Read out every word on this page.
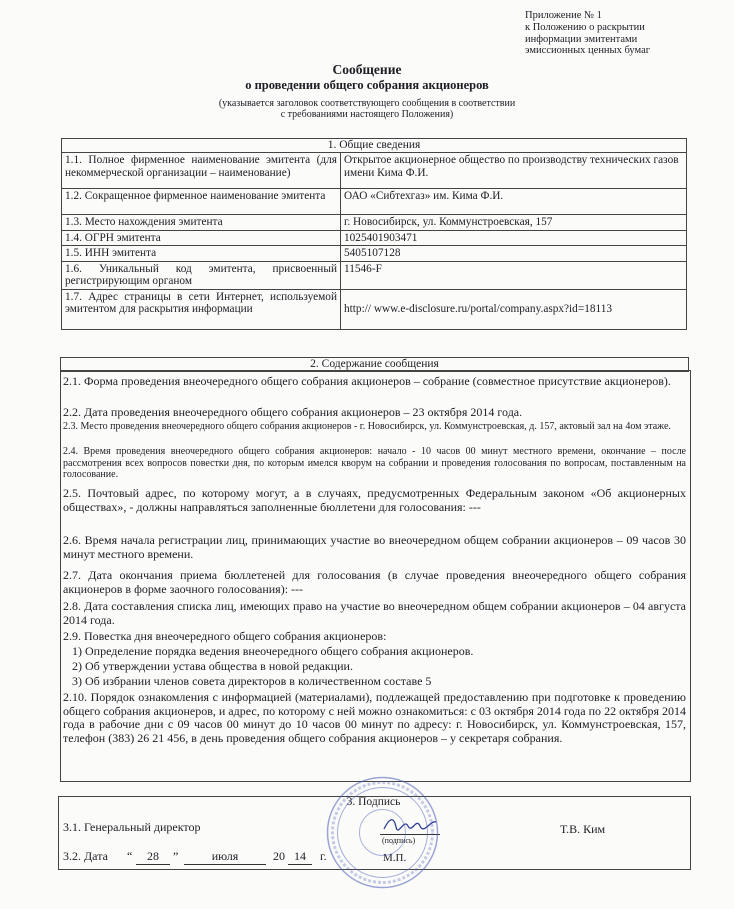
Приложение № 1
к Положению о раскрытии
информации эмитентами
эмиссионных ценных бумаг
Сообщение
о проведении общего собрания акционеров
(указывается заголовок соответствующего сообщения в соответствии
с требованиями настоящего Положения)
1. Общие сведения
1.1. Полное фирменное наименование эмитента (для некоммерческой организации – наименование)	Открытое акционерное общество по производству технических газов имени Кима Ф.И.
1.2. Сокращенное фирменное наименование эмитента	ОАО «Сибтехгаз» им. Кима Ф.И.
1.3. Место нахождения эмитента	г. Новосибирск, ул. Коммунстроевская, 157
1.4. ОГРН эмитента	1025401903471
1.5. ИНН эмитента	5405107128
1.6. Уникальный код эмитента, присвоенный регистрирующим органом	11546-F
1.7. Адрес страницы в сети Интернет, используемой эмитентом для раскрытия информации	http:// www.e-disclosure.ru/portal/company.aspx?id=18113
2. Содержание сообщения
2.1. Форма проведения внеочередного общего собрания акционеров – собрание (совместное присутствие акционеров).
2.2. Дата проведения внеочередного общего собрания акционеров – 23 октября 2014 года.
2.3. Место проведения внеочередного общего собрания акционеров - г. Новосибирск, ул. Коммунстроевская, д. 157, актовый зал на 4ом этаже.
2.4. Время проведения внеочередного общего собрания акционеров: начало - 10 часов 00 минут местного времени, окончание – после рассмотрения всех вопросов повестки дня, по которым имелся кворум на собрании и проведения голосования по вопросам, поставленным на голосование.
2.5. Почтовый адрес, по которому могут, а в случаях, предусмотренных Федеральным законом «Об акционерных обществах», - должны направляться заполненные бюллетени для голосования: ---
2.6. Время начала регистрации лиц, принимающих участие во внеочередном общем собрании акционеров – 09 часов 30 минут местного времени.
2.7. Дата окончания приема бюллетеней для голосования (в случае проведения внеочередного общего собрания акционеров в форме заочного голосования): ---
2.8. Дата составления списка лиц, имеющих право на участие во внеочередном общем собрании акционеров – 04 августа 2014 года.
2.9. Повестка дня внеочередного общего собрания акционеров:
1) Определение порядка ведения внеочередного общего собрания акционеров.
2) Об утверждении устава общества в новой редакции.
3) Об избрании членов совета директоров в количественном составе 5
2.10. Порядок ознакомления с информацией (материалами), подлежащей предоставлению при подготовке к проведению общего собрания акционеров, и адрес, по которому с ней можно ознакомиться: с 03 октября 2014 года по 22 октября 2014 года в рабочие дни с 09 часов 00 минут до 10 часов 00 минут по адресу: г. Новосибирск, ул. Коммунстроевская, 157, телефон (383) 26 21 456, в день проведения общего собрания акционеров – у секретаря собрания.
3. Подпись
3.1. Генеральный директор	Т.В. Ким
(подпись)
3.2. Дата “	28	”	июля	20 14	г.	М.П.
